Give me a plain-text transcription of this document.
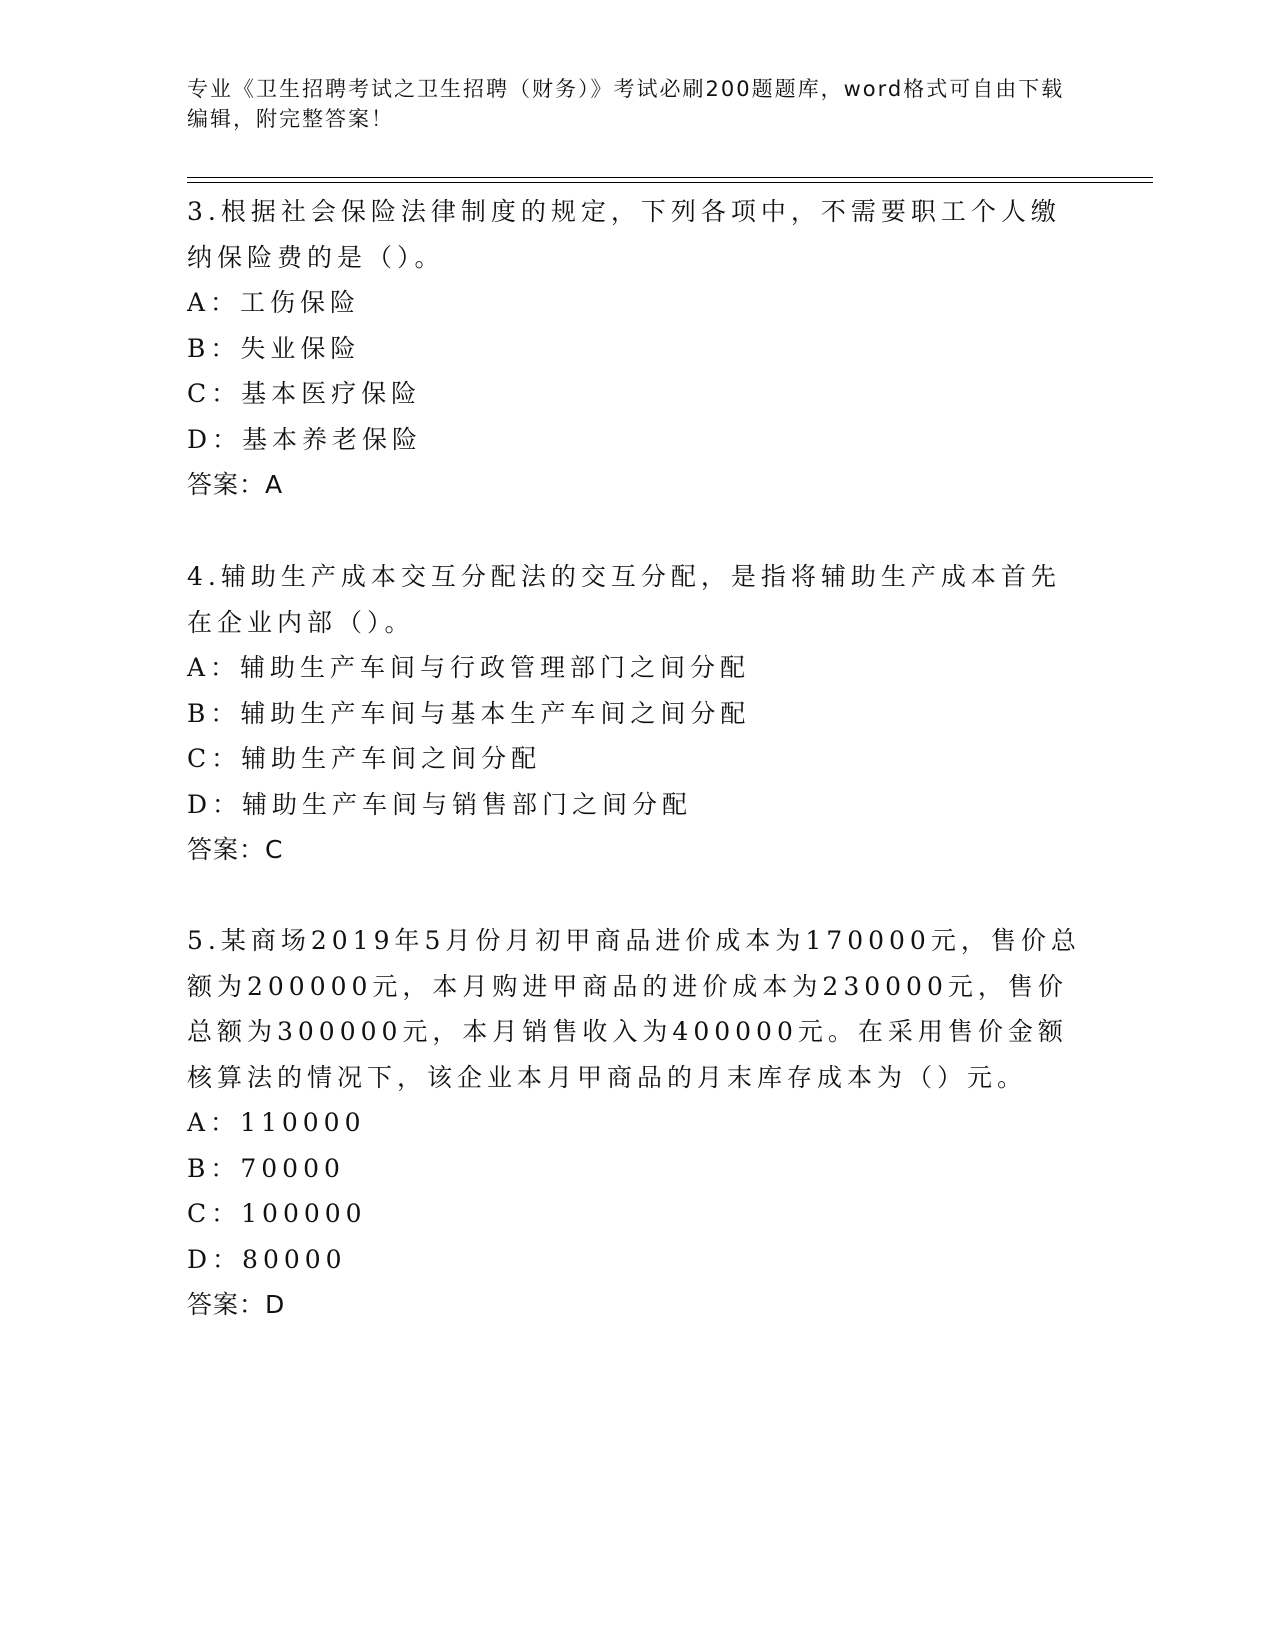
专业《卫生招聘考试之卫生招聘（财务）》考试必刷200题题库，word格式可自由下载编辑，附完整答案！
3.根据社会保险法律制度的规定，下列各项中，不需要职工个人缴纳保险费的是（）。
A：工伤保险
B：失业保险
C：基本医疗保险
D：基本养老保险
答案：A
4.辅助生产成本交互分配法的交互分配，是指将辅助生产成本首先在企业内部（）。
A：辅助生产车间与行政管理部门之间分配
B：辅助生产车间与基本生产车间之间分配
C：辅助生产车间之间分配
D：辅助生产车间与销售部门之间分配
答案：C
5.某商场2019年5月份月初甲商品进价成本为170000元，售价总额为200000元，本月购进甲商品的进价成本为230000元，售价总额为300000元，本月销售收入为400000元。在采用售价金额核算法的情况下，该企业本月甲商品的月末库存成本为（）元。
A：110000
B：70000
C：100000
D：80000
答案：D
